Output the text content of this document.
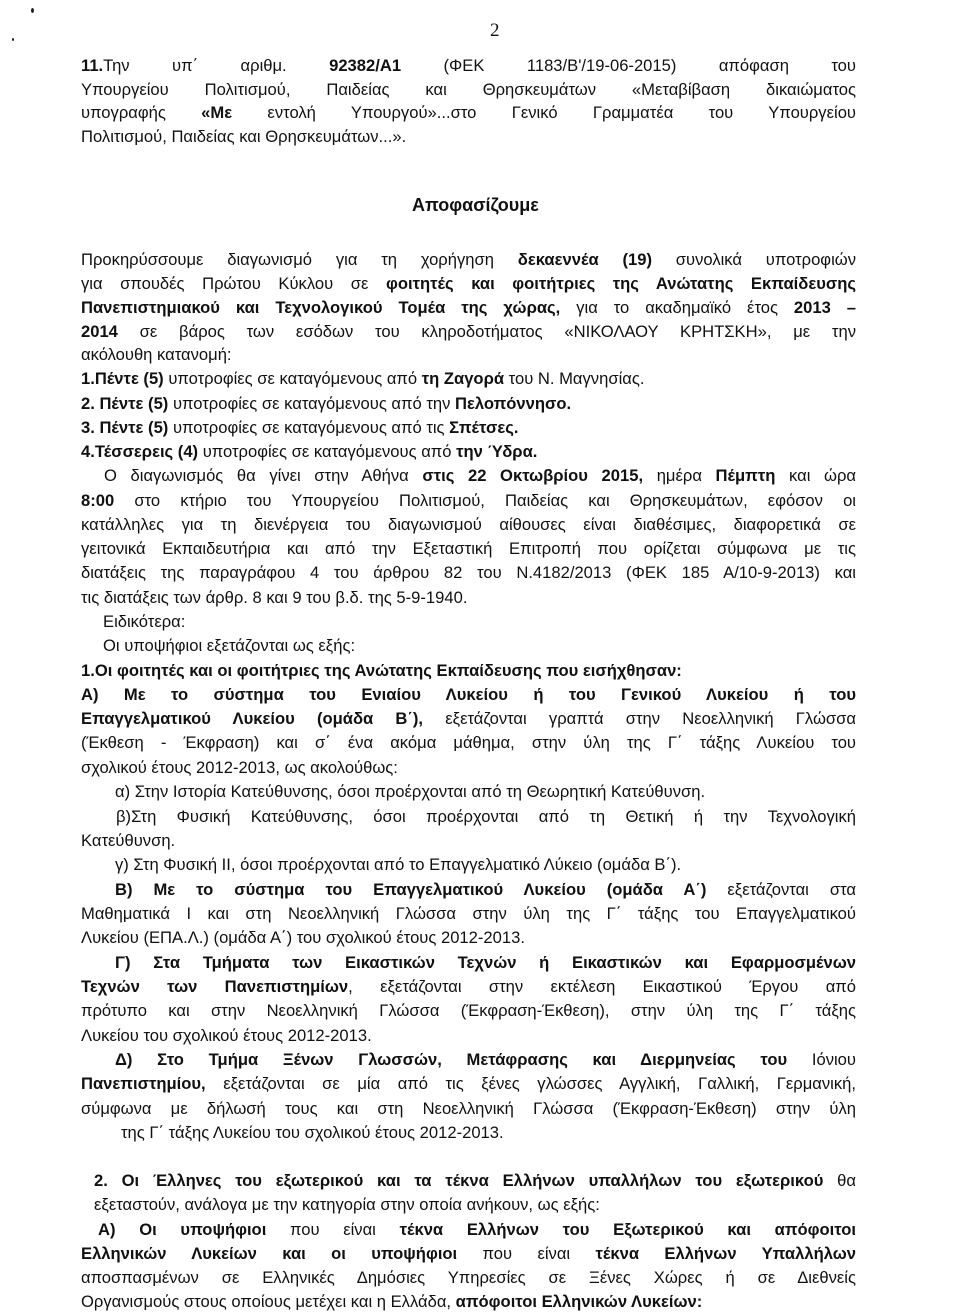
2
Αποφασίζουμε
11.Την υπ΄ αριθμ. 92382/Α1 (ΦΕΚ 1183/Β'/19-06-2015) απόφαση του
Υπουργείου Πολιτισμού, Παιδείας και Θρησκευμάτων «Μεταβίβαση δικαιώματος
υπογραφής «Με εντολή Υπουργού»...στο Γενικό Γραμματέα του Υπουργείου
Πολιτισμού, Παιδείας και Θρησκευμάτων...».
Προκηρύσσουμε διαγωνισμό για τη χορήγηση δεκαεννέα (19) συνολικά υποτροφιών
για σπουδές Πρώτου Κύκλου σε φοιτητές και φοιτήτριες της Ανώτατης Εκπαίδευσης
Πανεπιστημιακού και Τεχνολογικού Τομέα της χώρας, για το ακαδημαϊκό έτος 2013 –
2014 σε βάρος των εσόδων του κληροδοτήματος «ΝΙΚΟΛΑΟΥ ΚΡΗΤΣΚΗ», με την
ακόλουθη κατανομή:
1.Πέντε (5) υποτροφίες σε καταγόμενους από τη Ζαγορά του Ν. Μαγνησίας.
2. Πέντε (5) υποτροφίες σε καταγόμενους από την Πελοπόννησο.
3. Πέντε (5) υποτροφίες σε καταγόμενους από τις Σπέτσες.
4.Τέσσερεις (4) υποτροφίες σε καταγόμενους από την Ύδρα.
Ο διαγωνισμός θα γίνει στην Αθήνα στις 22 Οκτωβρίου 2015, ημέρα Πέμπτη και ώρα
8:00 στο κτήριο του Υπουργείου Πολιτισμού, Παιδείας και Θρησκευμάτων, εφόσον οι
κατάλληλες για τη διενέργεια του διαγωνισμού αίθουσες είναι διαθέσιμες, διαφορετικά σε
γειτονικά Εκπαιδευτήρια και από την Εξεταστική Επιτροπή που ορίζεται σύμφωνα με τις
διατάξεις της παραγράφου 4 του άρθρου 82 του Ν.4182/2013 (ΦΕΚ 185 Α/10-9-2013) και
τις διατάξεις των άρθρ. 8 και 9 του β.δ. της 5-9-1940.
Ειδικότερα:
Οι υποψήφιοι εξετάζονται ως εξής:
1.Οι φοιτητές και οι φοιτήτριες της Ανώτατης Εκπαίδευσης που εισήχθησαν:
Α) Με το σύστημα του Ενιαίου Λυκείου ή του Γενικού Λυκείου ή του
Επαγγελματικού Λυκείου (ομάδα Β΄), εξετάζονται γραπτά στην Νεοελληνική Γλώσσα
(Έκθεση - Έκφραση) και σ΄ ένα ακόμα μάθημα, στην ύλη της Γ΄ τάξης Λυκείου του
σχολικού έτους 2012-2013, ως ακολούθως:
α) Στην Ιστορία Κατεύθυνσης, όσοι προέρχονται από τη Θεωρητική Κατεύθυνση.
β)Στη Φυσική Κατεύθυνσης, όσοι προέρχονται από τη Θετική ή την Τεχνολογική
Κατεύθυνση.
γ) Στη Φυσική ΙΙ, όσοι προέρχονται από το Επαγγελματικό Λύκειο (ομάδα Β΄).
Β) Με το σύστημα του Επαγγελματικού Λυκείου (ομάδα Α΄) εξετάζονται στα
Μαθηματικά Ι και στη Νεοελληνική Γλώσσα στην ύλη της Γ΄ τάξης του Επαγγελματικού
Λυκείου (ΕΠΑ.Λ.) (ομάδα Α΄) του σχολικού έτους 2012-2013.
Γ) Στα Τμήματα των Εικαστικών Τεχνών ή Εικαστικών και Εφαρμοσμένων
Τεχνών των Πανεπιστημίων, εξετάζονται στην εκτέλεση Εικαστικού Έργου από
πρότυπο και στην Νεοελληνική Γλώσσα (Έκφραση-Έκθεση), στην ύλη της Γ΄ τάξης
Λυκείου του σχολικού έτους 2012-2013.
Δ) Στο Τμήμα Ξένων Γλωσσών, Μετάφρασης και Διερμηνείας του Ιόνιου
Πανεπιστημίου, εξετάζονται σε μία από τις ξένες γλώσσες Αγγλική, Γαλλική, Γερμανική,
σύμφωνα με δήλωσή τους και στη Νεοελληνική Γλώσσα (Έκφραση-Έκθεση) στην ύλη
της Γ΄ τάξης Λυκείου του σχολικού έτους 2012-2013.
2. Οι Έλληνες του εξωτερικού και τα τέκνα Ελλήνων υπαλλήλων του εξωτερικού θα
εξεταστούν, ανάλογα με την κατηγορία στην οποία ανήκουν, ως εξής:
Α) Οι υποψήφιοι που είναι τέκνα Ελλήνων του Εξωτερικού και απόφοιτοι
Ελληνικών Λυκείων και οι υποψήφιοι που είναι τέκνα Ελλήνων Υπαλλήλων
αποσπασμένων σε Ελληνικές Δημόσιες Υπηρεσίες σε Ξένες Χώρες ή σε Διεθνείς
Οργανισμούς στους οποίους μετέχει και η Ελλάδα, απόφοιτοι Ελληνικών Λυκείων:
